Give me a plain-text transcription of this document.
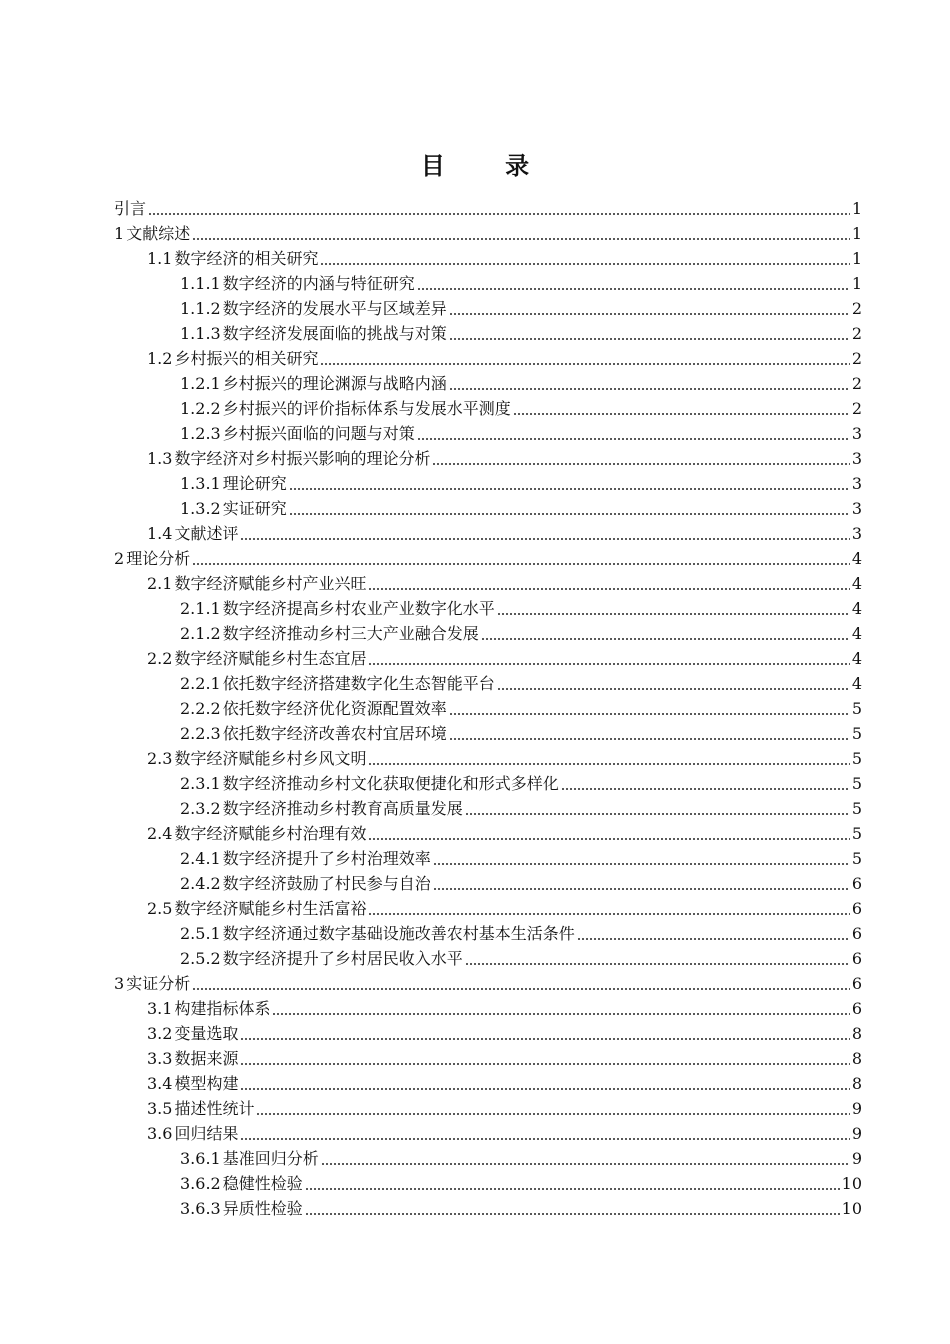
目 录
引言	1
1 文献综述	1
1.1 数字经济的相关研究	1
1.1.1 数字经济的内涵与特征研究	1
1.1.2 数字经济的发展水平与区域差异	2
1.1.3 数字经济发展面临的挑战与对策	2
1.2 乡村振兴的相关研究	2
1.2.1 乡村振兴的理论渊源与战略内涵	2
1.2.2 乡村振兴的评价指标体系与发展水平测度	2
1.2.3 乡村振兴面临的问题与对策	3
1.3 数字经济对乡村振兴影响的理论分析	3
1.3.1 理论研究	3
1.3.2 实证研究	3
1.4 文献述评	3
2 理论分析	4
2.1 数字经济赋能乡村产业兴旺	4
2.1.1 数字经济提高乡村农业产业数字化水平	4
2.1.2 数字经济推动乡村三大产业融合发展	4
2.2 数字经济赋能乡村生态宜居	4
2.2.1 依托数字经济搭建数字化生态智能平台	4
2.2.2 依托数字经济优化资源配置效率	5
2.2.3 依托数字经济改善农村宜居环境	5
2.3 数字经济赋能乡村乡风文明	5
2.3.1 数字经济推动乡村文化获取便捷化和形式多样化	5
2.3.2 数字经济推动乡村教育高质量发展	5
2.4 数字经济赋能乡村治理有效	5
2.4.1 数字经济提升了乡村治理效率	5
2.4.2 数字经济鼓励了村民参与自治	6
2.5 数字经济赋能乡村生活富裕	6
2.5.1 数字经济通过数字基础设施改善农村基本生活条件	6
2.5.2 数字经济提升了乡村居民收入水平	6
3 实证分析	6
3.1 构建指标体系	6
3.2 变量选取	8
3.3 数据来源	8
3.4 模型构建	8
3.5 描述性统计	9
3.6 回归结果	9
3.6.1 基准回归分析	9
3.6.2 稳健性检验	10
3.6.3 异质性检验	10
